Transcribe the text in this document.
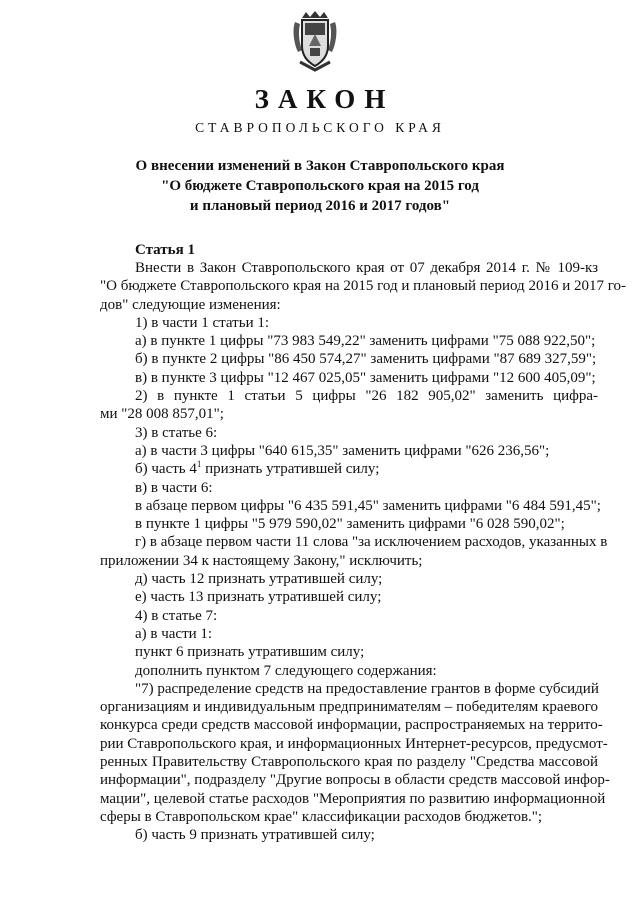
ЗАКОН
СТАВРОПОЛЬСКОГО КРАЯ
О внесении изменений в Закон Ставропольского края
"О бюджете Ставропольского края на 2015 год
и плановый период 2016 и 2017 годов"
Статья 1

Внести в Закон Ставропольского края от 07 декабря 2014 г. № 109-кз

"О бюджете Ставропольского края на 2015 год и плановый период 2016 и 2017 го-

дов" следующие изменения:

1) в части 1 статьи 1:

а) в пункте 1 цифры "73 983 549,22" заменить цифрами "75 088 922,50";

б) в пункте 2 цифры "86 450 574,27" заменить цифрами "87 689 327,59";

в) в пункте 3 цифры "12 467 025,05" заменить цифрами "12 600 405,09";

2) в пункте 1 статьи 5 цифры "26 182 905,02" заменить цифра-

ми "28 008 857,01";

3) в статье 6:

а) в части 3 цифры "640 615,35" заменить цифрами "626 236,56";

б) часть $4^1$ признать утратившей силу;

в) в части 6:

в абзаце первом цифры "6 435 591,45" заменить цифрами "6 484 591,45";

в пункте 1 цифры "5 979 590,02" заменить цифрами "6 028 590,02";

г) в абзаце первом части 11 слова "за исключением расходов, указанных в

приложении 34 к настоящему Закону," исключить;

д) часть 12 признать утратившей силу;

е) часть 13 признать утратившей силу;

4) в статье 7:

а) в части 1:

пункт 6 признать утратившим силу;

дополнить пунктом 7 следующего содержания:

"7) распределение средств на предоставление грантов в форме субсидий

организациям и индивидуальным предпринимателям – победителям краевого

конкурса среди средств массовой информации, распространяемых на террито-

рии Ставропольского края, и информационных Интернет-ресурсов, предусмот-

ренных Правительству Ставропольского края по разделу "Средства массовой

информации", подразделу "Другие вопросы в области средств массовой инфор-

мации", целевой статье расходов "Мероприятия по развитию информационной

сферы в Ставропольском крае" классификации расходов бюджетов.";

б) часть 9 признать утратившей силу;
